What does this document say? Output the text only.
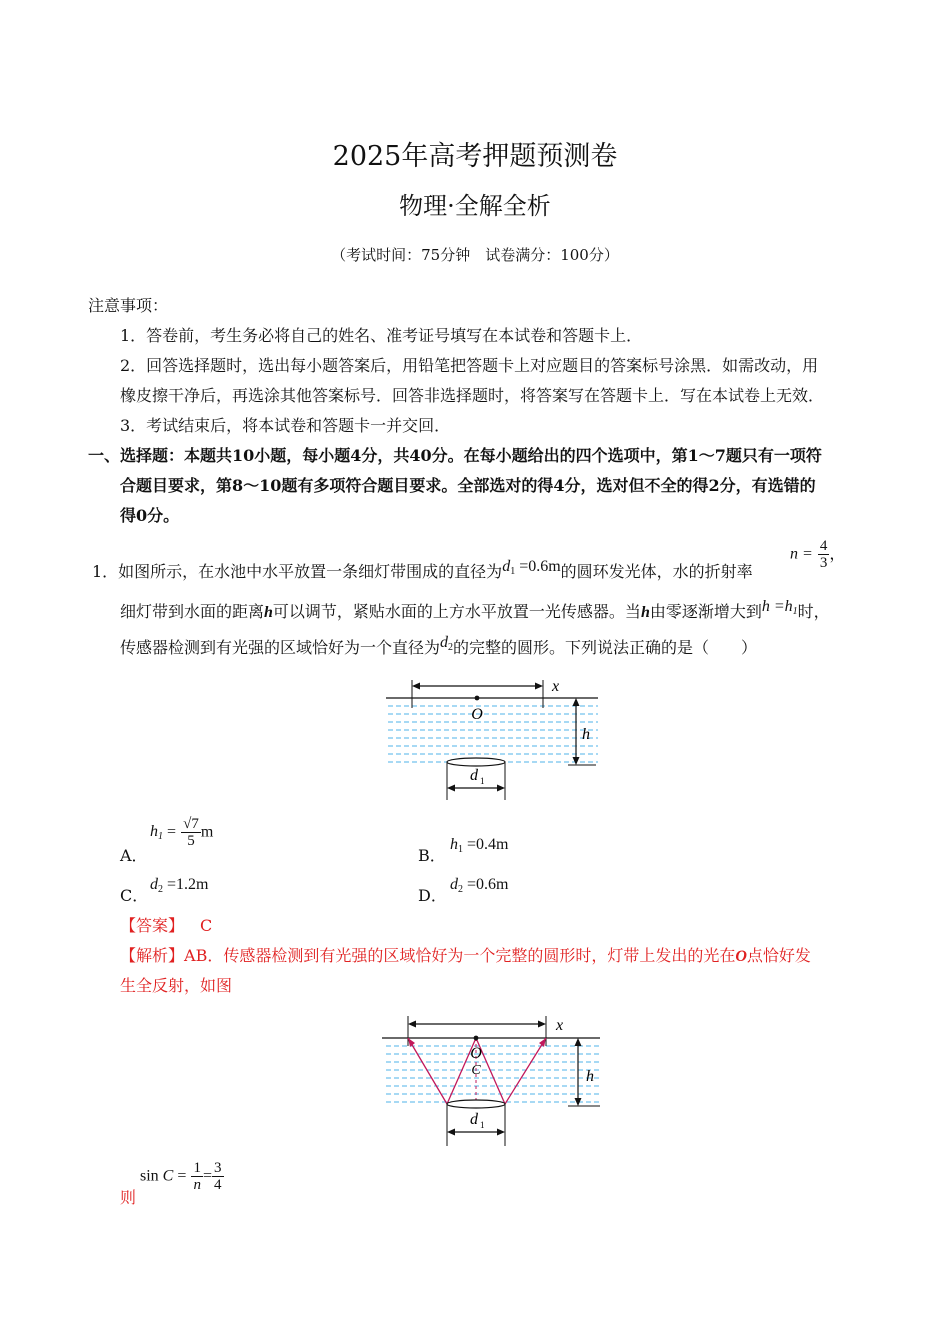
2025年高考押题预测卷
物理·全解全析
（考试时间：75分钟　试卷满分：100分）
注意事项：
1．答卷前，考生务必将自己的姓名、准考证号填写在本试卷和答题卡上．
2．回答选择题时，选出每小题答案后，用铅笔把答题卡上对应题目的答案标号涂黑．如需改动，用
橡皮擦干净后，再选涂其他答案标号．回答非选择题时，将答案写在答题卡上．写在本试卷上无效．
3．考试结束后，将本试卷和答题卡一并交回．
一、选择题：本题共10小题，每小题4分，共40分。在每小题给出的四个选项中，第1～7题只有一项符
合题目要求，第8～10题有多项符合题目要求。全部选对的得4分，选对但不全的得2分，有选错的
得0分。
1．如图所示，在水池中水平放置一条细灯带围成的直径为$d_1 =0.6m$的圆环发光体，水的折射率
$n = \frac{4}{3}$ ，
细灯带到水面的距离h可以调节，紧贴水面的上方水平放置一光传感器。当h由零逐渐增大到$h =h_1$时，
传感器检测到有光强的区域恰好为一个直径为$d_2$的完整的圆形。下列说法正确的是（　　）
x
O
h
d 1
A．
$h_1 = \frac{√7}{5}$ m
B．
$h_1 =0.4m$
C．
$d_2 =1.2m$
D．
$d_2 =0.6m$
【答案】 C
【解析】AB．传感器检测到有光强的区域恰好为一个完整的圆形时，灯带上发出的光在O点恰好发
生全反射，如图
x
O
C	h
d 1
则
$\sin C = \frac{1}{n} = \frac{3}{4}$
